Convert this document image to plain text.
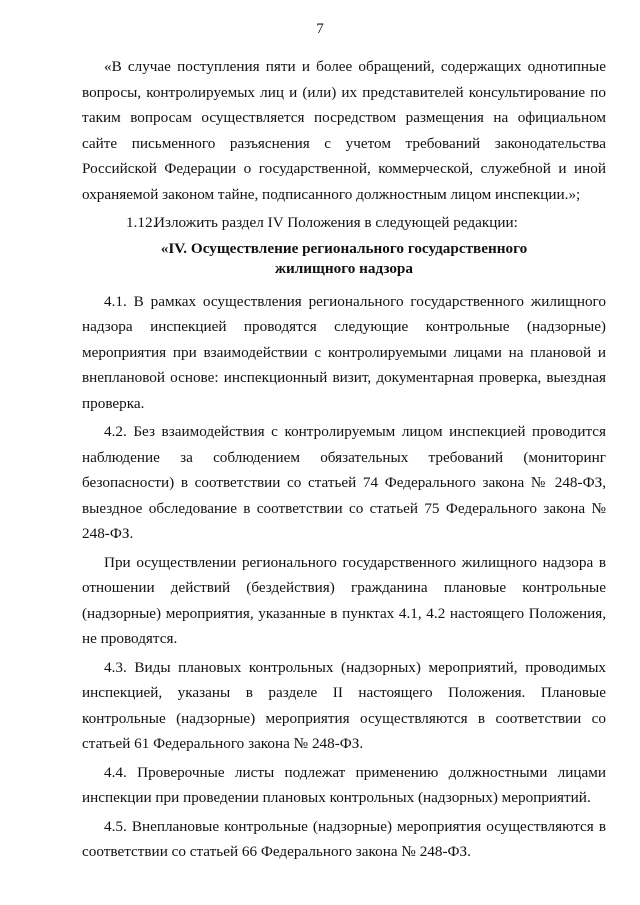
7

«В случае поступления пяти и более обращений, содержащих однотипные вопросы, контролируемых лиц и (или) их представителей консультирование по таким вопросам осуществляется посредством размещения на официальном сайте письменного разъяснения с учетом требований законодательства Российской Федерации о государственной, коммерческой, служебной и иной охраняемой законом тайне, подписанного должностным лицом инспекции.»;

1.12.Изложить раздел IV Положения в следующей редакции:

«IV. Осуществление регионального государственного
жилищного надзора

4.1. В рамках осуществления регионального государственного жилищного надзора инспекцией проводятся следующие контрольные (надзорные) мероприятия при взаимодействии с контролируемыми лицами на плановой и внеплановой основе: инспекционный визит, документарная проверка, выездная проверка.

4.2. Без взаимодействия с контролируемым лицом инспекцией проводится наблюдение за соблюдением обязательных требований (мониторинг безопасности) в соответствии со статьей 74 Федерального закона № 248-ФЗ, выездное обследование в соответствии со статьей 75 Федерального закона № 248-ФЗ.

При осуществлении регионального государственного жилищного надзора в отношении действий (бездействия) гражданина плановые контрольные (надзорные) мероприятия, указанные в пунктах 4.1, 4.2 настоящего Положения, не проводятся.

4.3. Виды плановых контрольных (надзорных) мероприятий, проводимых инспекцией, указаны в разделе II настоящего Положения. Плановые контрольные (надзорные) мероприятия осуществляются в соответствии со статьей 61 Федерального закона № 248-ФЗ.

4.4. Проверочные листы подлежат применению должностными лицами инспекции при проведении плановых контрольных (надзорных) мероприятий.

4.5. Внеплановые контрольные (надзорные) мероприятия осуществляются в соответствии со статьей 66 Федерального закона № 248-ФЗ.
